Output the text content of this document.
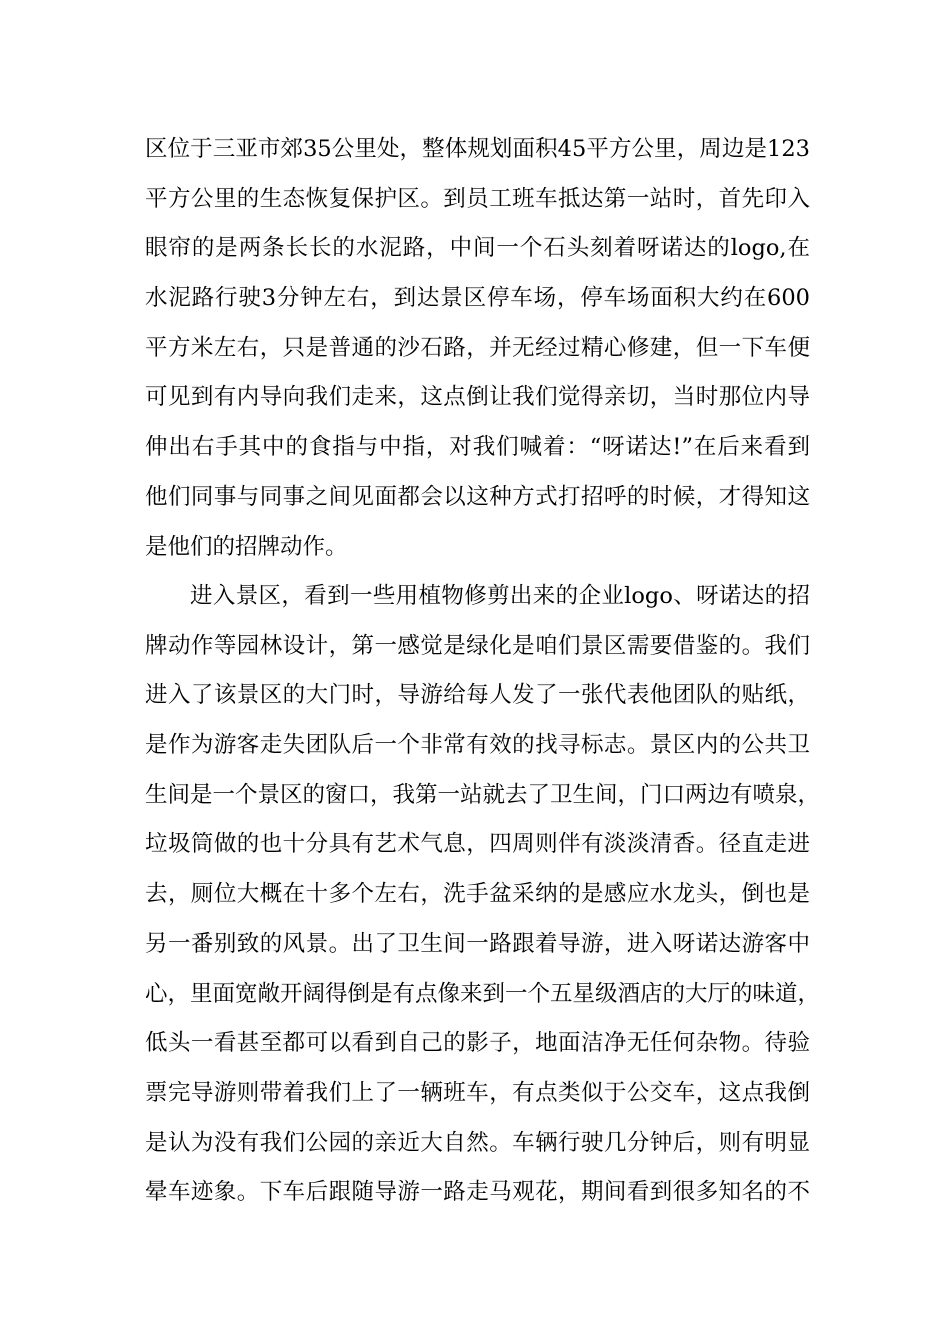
区位于三亚市郊35公里处，整体规划面积45平方公里，周边是123
平方公里的生态恢复保护区。到员工班车抵达第一站时，首先印入
眼帘的是两条长长的水泥路，中间一个石头刻着呀诺达的logo,在
水泥路行驶3分钟左右，到达景区停车场，停车场面积大约在600
平方米左右，只是普通的沙石路，并无经过精心修建，但一下车便
可见到有内导向我们走来，这点倒让我们觉得亲切，当时那位内导
伸出右手其中的食指与中指，对我们喊着：“呀诺达!”在后来看到
他们同事与同事之间见面都会以这种方式打招呼的时候，才得知这
是他们的招牌动作。
进入景区，看到一些用植物修剪出来的企业logo、呀诺达的招
牌动作等园林设计，第一感觉是绿化是咱们景区需要借鉴的。我们
进入了该景区的大门时，导游给每人发了一张代表他团队的贴纸，
是作为游客走失团队后一个非常有效的找寻标志。景区内的公共卫
生间是一个景区的窗口，我第一站就去了卫生间，门口两边有喷泉，
垃圾筒做的也十分具有艺术气息，四周则伴有淡淡清香。径直走进
去，厕位大概在十多个左右，洗手盆采纳的是感应水龙头，倒也是
另一番别致的风景。出了卫生间一路跟着导游，进入呀诺达游客中
心，里面宽敞开阔得倒是有点像来到一个五星级酒店的大厅的味道，
低头一看甚至都可以看到自己的影子，地面洁净无任何杂物。待验
票完导游则带着我们上了一辆班车，有点类似于公交车，这点我倒
是认为没有我们公园的亲近大自然。车辆行驶几分钟后，则有明显
晕车迹象。下车后跟随导游一路走马观花，期间看到很多知名的不
